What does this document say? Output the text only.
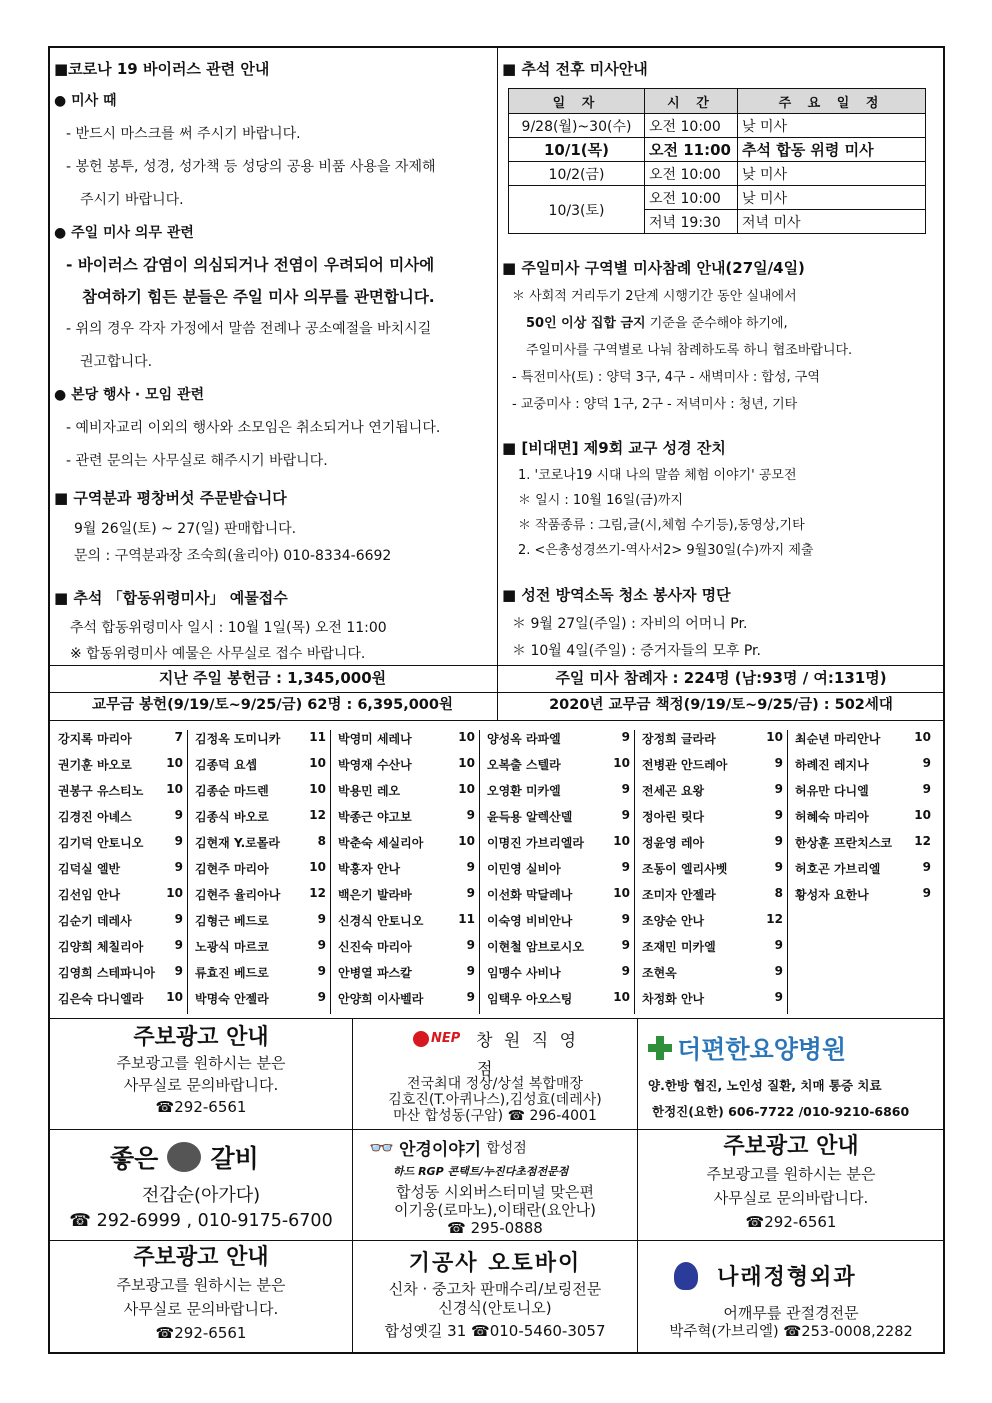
■코로나 19 바이러스 관련 안내
● 미사 때
- 반드시 마스크를 써 주시기 바랍니다.
- 봉헌 봉투, 성경, 성가책 등 성당의 공용 비품 사용을 자제해
주시기 바랍니다.
● 주일 미사 의무 관련
- 바이러스 감염이 의심되거나 전염이 우려되어 미사에
참여하기 힘든 분들은 주일 미사 의무를 관면합니다.
- 위의 경우 각자 가정에서 말씀 전례나 공소예절을 바치시길
권고합니다.
● 본당 행사 · 모임 관련
- 예비자교리 이외의 행사와 소모임은 취소되거나 연기됩니다.
- 관련 문의는 사무실로 해주시기 바랍니다.
■ 구역분과 평창버섯 주문받습니다
9월 26일(토) ~ 27(일) 판매합니다.
문의 : 구역분과장 조숙희(율리아) 010-8334-6692
■ 추석 「합동위령미사」 예물접수
추석 합동위령미사 일시 : 10월 1일(목) 오전 11:00
※ 합동위령미사 예물은 사무실로 접수 바랍니다.
■ 추석 전후 미사안내
일 자	시 간	주 요 일 정
9/28(월)~30(수)	오전 10:00	낮 미사
10/1(목)	오전 11:00	추석 합동 위령 미사
10/2(금)	오전 10:00	낮 미사
10/3(토)	오전 10:00	낮 미사
	저녁 19:30	저녁 미사
■ 주일미사 구역별 미사참례 안내(27일/4일)
＊ 사회적 거리두기 2단계 시행기간 동안 실내에서
50인 이상 집합 금지 기준을 준수해야 하기에,
주일미사를 구역별로 나눠 참례하도록 하니 협조바랍니다.
- 특전미사(토) : 양덕 3구, 4구 - 새벽미사 : 합성, 구역
- 교중미사 : 양덕 1구, 2구 - 저녁미사 : 청년, 기타
■ [비대면] 제9회 교구 성경 잔치
1. '코로나19 시대 나의 말씀 체험 이야기' 공모전
＊ 일시 : 10월 16일(금)까지
＊ 작품종류 : 그림,글(시,체험 수기등),동영상,기타
2. <은총성경쓰기-역사서2> 9월30일(수)까지 제출
■ 성전 방역소독 청소 봉사자 명단
＊ 9월 27일(주일) : 자비의 어머니 Pr.
＊ 10월 4일(주일) : 증거자들의 모후 Pr.
지난 주일 봉헌금 : 1,345,000원	주일 미사 참례자 : 224명 (남:93명 / 여:131명)
교무금 봉헌(9/19/토~9/25/금) 62명 : 6,395,000원	2020년 교무금 책정(9/19/토~9/25/금) : 502세대
강지록 마리아	7
권기훈 바오로	10
권봉구 유스티노 10
김경진 아녜스	9
김기덕 안토니오	9
김덕실 엘반	9
김선임 안나	10
김순기 데레사	9
김양희 체칠리아	9
김영희 스테파니아 9
김은숙 다니엘라 10
김정옥 도미니카 11
김종덕 요셉	10
김종순 마드렌	10
김종식 바오로	12
김현재 Y.로몰라	8
김현주 마리아	10
김현주 율리아나 12
김형근 베드로	9
노광식 마르코	9
류효진 베드로	9
박명숙 안젤라	9
박영미 세레나	10
박영재 수산나	10
박용민 레오	10
박종근 야고보	9
박춘숙 세실리아	10
박홍자 안나	9
백은기 발라바	9
신경식 안토니오	11
신진숙 마리아	9
안병열 파스칼	9
안양희 이사벨라	9
양성옥 라파엘	9
오복출 스텔라	10
오영환 미카엘	9
윤득용 알렉산델	9
이명진 가브리엘라 10
이민영 실비아	9
이선화 막달레나	10
이숙영 비비안나	9
이현철 암브로시오	9
임맹수 사비나	9
임택우 아오스팅	10
장정희 글라라	10
전병관 안드레아	9
전세곤 요왕	9
정아린 릿다	9
정윤영 레아	9
조동이 엘리사벳	9
조미자 안젤라	8
조양순 안나	12
조재민 미카엘	9
조현옥	9
차정화 안나	9
최순년 마리안나	10
하례진 레지나	9
허유만 다니엘	9
허혜숙 마리아	10
한상훈 프란치스코 12
허호곤 가브리엘	9
황성자 요한나	9
주보광고 안내
주보광고를 원하시는 분은
사무실로 문의바랍니다.
☎292-6561
NEP 창 원 직 영
점
전국최대 정상/상설 복합매장
김호진(T.아퀴나스),김성효(데레사)
마산 합성동(구암) ☎ 296-4001
더편한요양병원
양.한방 협진, 노인성 질환, 치매 통증 치료
한정진(요한) 606-7722 /010-9210-6860
좋은 갈비
전갑순(아가다)
☎ 292-6999 , 010-9175-6700
👓 안경이야기 합성점
하드 RGP 콘택트/누진다초점전문점
합성동 시외버스터미널 맞은편
이기웅(로마노),이태란(요안나)
☎ 295-0888
주보광고 안내
주보광고를 원하시는 분은
사무실로 문의바랍니다.
☎292-6561
주보광고 안내
주보광고를 원하시는 분은
사무실로 문의바랍니다.
☎292-6561
기공사 오토바이
신차 · 중고차 판매수리/보링전문
신경식(안토니오)
합성옛길 31 ☎010-5460-3057
나래정형외과
어깨무릎 관절경전문
박주혁(가브리엘) ☎253-0008,2282
